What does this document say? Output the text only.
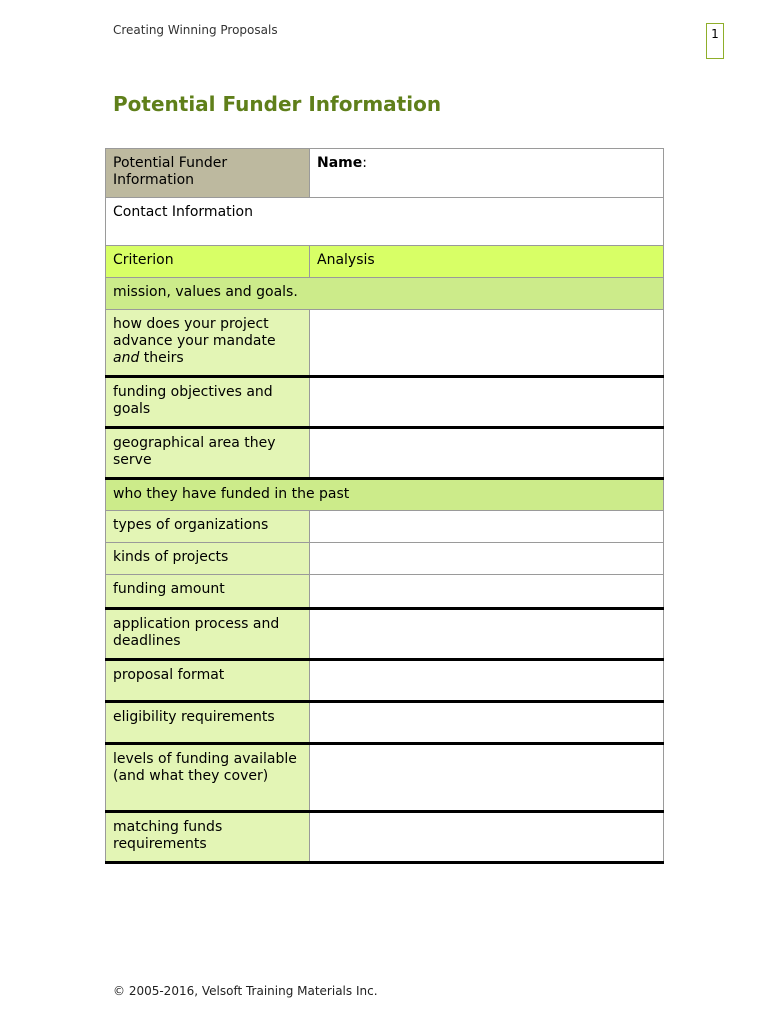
Creating Winning Proposals	1
Potential Funder Information
Potential Funder Information	Name:
Contact Information	
Criterion	Analysis
mission, values and goals.	
how does your project advance your mandate and theirs	
funding objectives and goals	
geographical area they serve	
who they have funded in the past	
types of organizations	
kinds of projects	
funding amount	
application process and deadlines	
proposal format	
eligibility requirements	
levels of funding available (and what they cover)	
matching funds requirements	
© 2005-2016, Velsoft Training Materials Inc.
